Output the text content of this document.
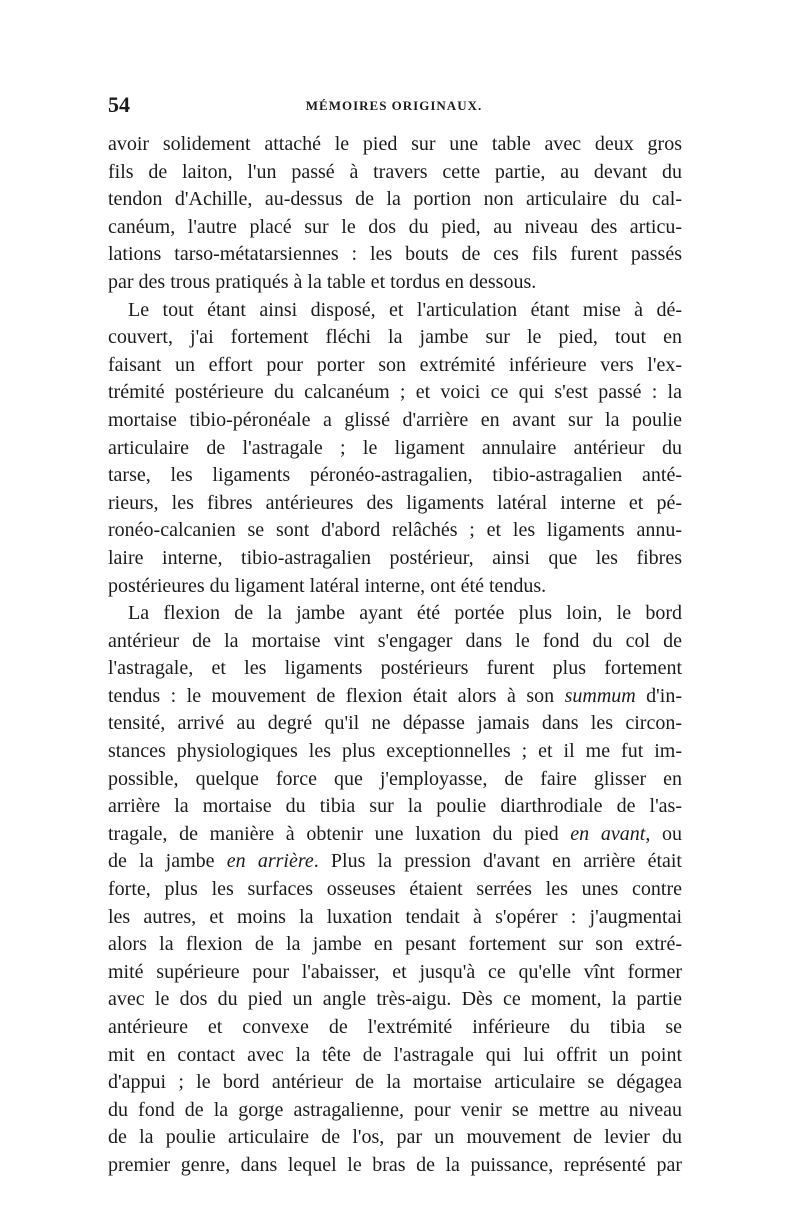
54	MÉMOIRES ORIGINAUX.
avoir solidement attaché le pied sur une table avec deux gros
fils de laiton, l'un passé à travers cette partie, au devant du
tendon d'Achille, au-dessus de la portion non articulaire du cal-
canéum, l'autre placé sur le dos du pied, au niveau des articu-
lations tarso-métatarsiennes : les bouts de ces fils furent passés
par des trous pratiqués à la table et tordus en dessous.
Le tout étant ainsi disposé, et l'articulation étant mise à dé-
couvert, j'ai fortement fléchi la jambe sur le pied, tout en
faisant un effort pour porter son extrémité inférieure vers l'ex-
trémité postérieure du calcanéum ; et voici ce qui s'est passé : la
mortaise tibio-péronéale a glissé d'arrière en avant sur la poulie
articulaire de l'astragale ; le ligament annulaire antérieur du
tarse, les ligaments péronéo-astragalien, tibio-astragalien anté-
rieurs, les fibres antérieures des ligaments latéral interne et pé-
ronéo-calcanien se sont d'abord relâchés ; et les ligaments annu-
laire interne, tibio-astragalien postérieur, ainsi que les fibres
postérieures du ligament latéral interne, ont été tendus.
La flexion de la jambe ayant été portée plus loin, le bord
antérieur de la mortaise vint s'engager dans le fond du col de
l'astragale, et les ligaments postérieurs furent plus fortement
tendus : le mouvement de flexion était alors à son summum d'in-
tensité, arrivé au degré qu'il ne dépasse jamais dans les circon-
stances physiologiques les plus exceptionnelles ; et il me fut im-
possible, quelque force que j'employasse, de faire glisser en
arrière la mortaise du tibia sur la poulie diarthrodiale de l'as-
tragale, de manière à obtenir une luxation du pied en avant, ou
de la jambe en arrière. Plus la pression d'avant en arrière était
forte, plus les surfaces osseuses étaient serrées les unes contre
les autres, et moins la luxation tendait à s'opérer : j'augmentai
alors la flexion de la jambe en pesant fortement sur son extré-
mité supérieure pour l'abaisser, et jusqu'à ce qu'elle vînt former
avec le dos du pied un angle très-aigu. Dès ce moment, la partie
antérieure et convexe de l'extrémité inférieure du tibia se
mit en contact avec la tête de l'astragale qui lui offrit un point
d'appui ; le bord antérieur de la mortaise articulaire se dégagea
du fond de la gorge astragalienne, pour venir se mettre au niveau
de la poulie articulaire de l'os, par un mouvement de levier du
premier genre, dans lequel le bras de la puissance, représenté par
